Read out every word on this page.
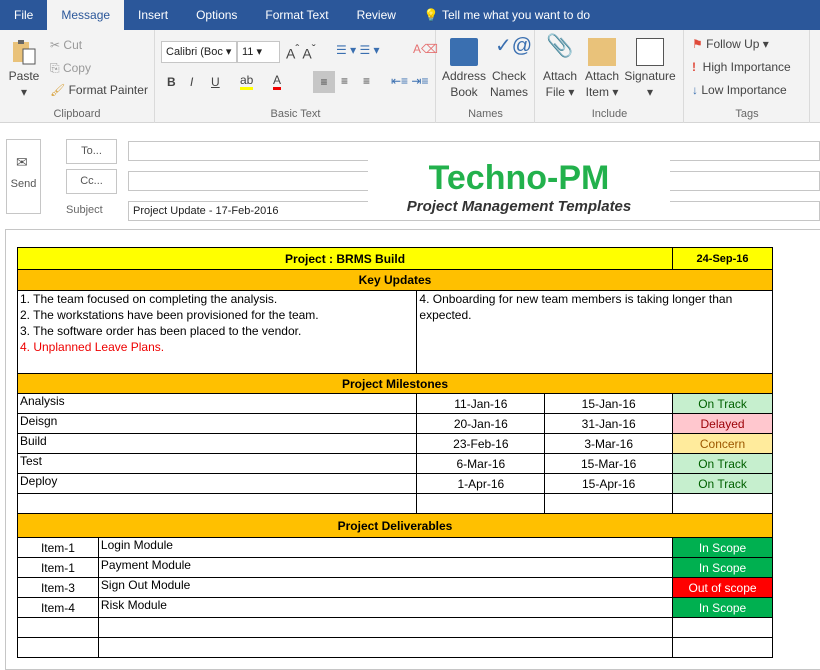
File	Message	Insert	Options	Format Text	Review	💡 Tell me what you want to do
Paste
▾
✂ Cut
⎘ Copy
🖌 Format Painter
Clipboard
Calibri (Boc ▾ 11 ▾	$A^ˆ$ $A^ˇ$ ☰ ▾ ☰ ▾	A⌫
B I U ab A	≡	≡ ≡ ⇤≡ ⇥≡
Basic Text
Address
Book
✓@
Check
Names
Names
📎
Attach
File ▾
Attach
Item ▾
Signature
▾
Include
⚑ Follow Up ▾
! High Importance
↓ Low Importance
Tags
✉
Send
To...
Cc...
Subject	Project Update - 17-Feb-2016
Techno-PM
Project Management Templates
Project : BRMS Build				24-Sep-16
Key Updates				

1. The team focused on completing the analysis.
2. The workstations have been provisioned for the team.
3. The software order has been placed to the vendor.
4. Unplanned Leave Plans.		4. Onboarding for new team members is taking longer than expected.		
Project Milestones				
Analysis		11-Jan-16	15-Jan-16	On Track
Deisgn		20-Jan-16	31-Jan-16	Delayed
Build		23-Feb-16	3-Mar-16	Concern
Test		6-Mar-16	15-Mar-16	On Track
Deploy		1-Apr-16	15-Apr-16	On Track

Project Deliverables				
Item-1	Login Module			In Scope
Item-1	Payment Module			In Scope
Item-3	Sign Out Module			Out of scope
Item-4	Risk Module			In Scope
